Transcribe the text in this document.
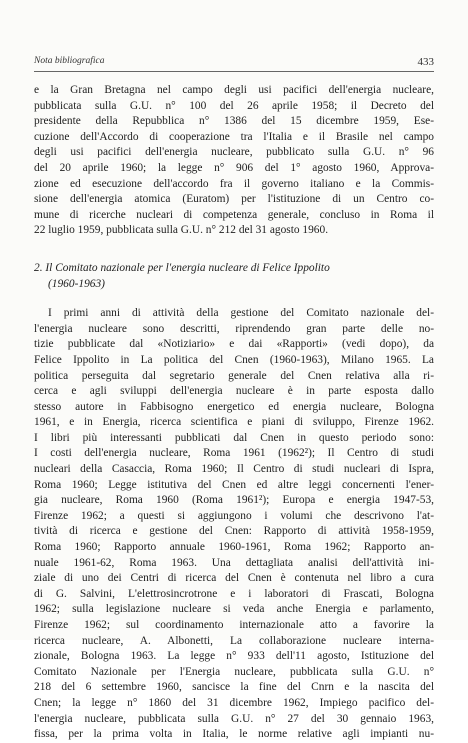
Nota bibliografica	433
e la Gran Bretagna nel campo degli usi pacifici dell'energia nucleare,
pubblicata sulla G.U. n° 100 del 26 aprile 1958; il Decreto del
presidente della Repubblica n° 1386 del 15 dicembre 1959, Ese-
cuzione dell'Accordo di cooperazione tra l'Italia e il Brasile nel campo
degli usi pacifici dell'energia nucleare, pubblicato sulla G.U. n° 96
del 20 aprile 1960; la legge n° 906 del 1° agosto 1960, Approva-
zione ed esecuzione dell'accordo fra il governo italiano e la Commis-
sione dell'energia atomica (Euratom) per l'istituzione di un Centro co-
mune di ricerche nucleari di competenza generale, concluso in Roma il
22 luglio 1959, pubblicata sulla G.U. n° 212 del 31 agosto 1960.
2. Il Comitato nazionale per l'energia nucleare di Felice Ippolito
(1960-1963)
I primi anni di attività della gestione del Comitato nazionale del-
l'energia nucleare sono descritti, riprendendo gran parte delle no-
tizie pubblicate dal «Notiziario» e dai «Rapporti» (vedi dopo), da
Felice Ippolito in La politica del Cnen (1960-1963), Milano 1965. La
politica perseguita dal segretario generale del Cnen relativa alla ri-
cerca e agli sviluppi dell'energia nucleare è in parte esposta dallo
stesso autore in Fabbisogno energetico ed energia nucleare, Bologna
1961, e in Energia, ricerca scientifica e piani di sviluppo, Firenze 1962.
I libri più interessanti pubblicati dal Cnen in questo periodo sono:
I costi dell'energia nucleare, Roma 1961 (1962²); Il Centro di studi
nucleari della Casaccia, Roma 1960; Il Centro di studi nucleari di Ispra,
Roma 1960; Legge istitutiva del Cnen ed altre leggi concernenti l'ener-
gia nucleare, Roma 1960 (Roma 1961²); Europa e energia 1947-53,
Firenze 1962; a questi si aggiungono i volumi che descrivono l'at-
tività di ricerca e gestione del Cnen: Rapporto di attività 1958-1959,
Roma 1960; Rapporto annuale 1960-1961, Roma 1962; Rapporto an-
nuale 1961-62, Roma 1963. Una dettagliata analisi dell'attività ini-
ziale di uno dei Centri di ricerca del Cnen è contenuta nel libro a cura
di G. Salvini, L'elettrosincrotrone e i laboratori di Frascati, Bologna
1962; sulla legislazione nucleare si veda anche Energia e parlamento,
Firenze 1962; sul coordinamento internazionale atto a favorire la
ricerca nucleare, A. Albonetti, La collaborazione nucleare interna-
zionale, Bologna 1963. La legge n° 933 dell'11 agosto, Istituzione del
Comitato Nazionale per l'Energia nucleare, pubblicata sulla G.U. n°
218 del 6 settembre 1960, sancisce la fine del Cnrn e la nascita del
Cnen; la legge n° 1860 del 31 dicembre 1962, Impiego pacifico del-
l'energia nucleare, pubblicata sulla G.U. n° 27 del 30 gennaio 1963,
fissa, per la prima volta in Italia, le norme relative agli impianti nu-
